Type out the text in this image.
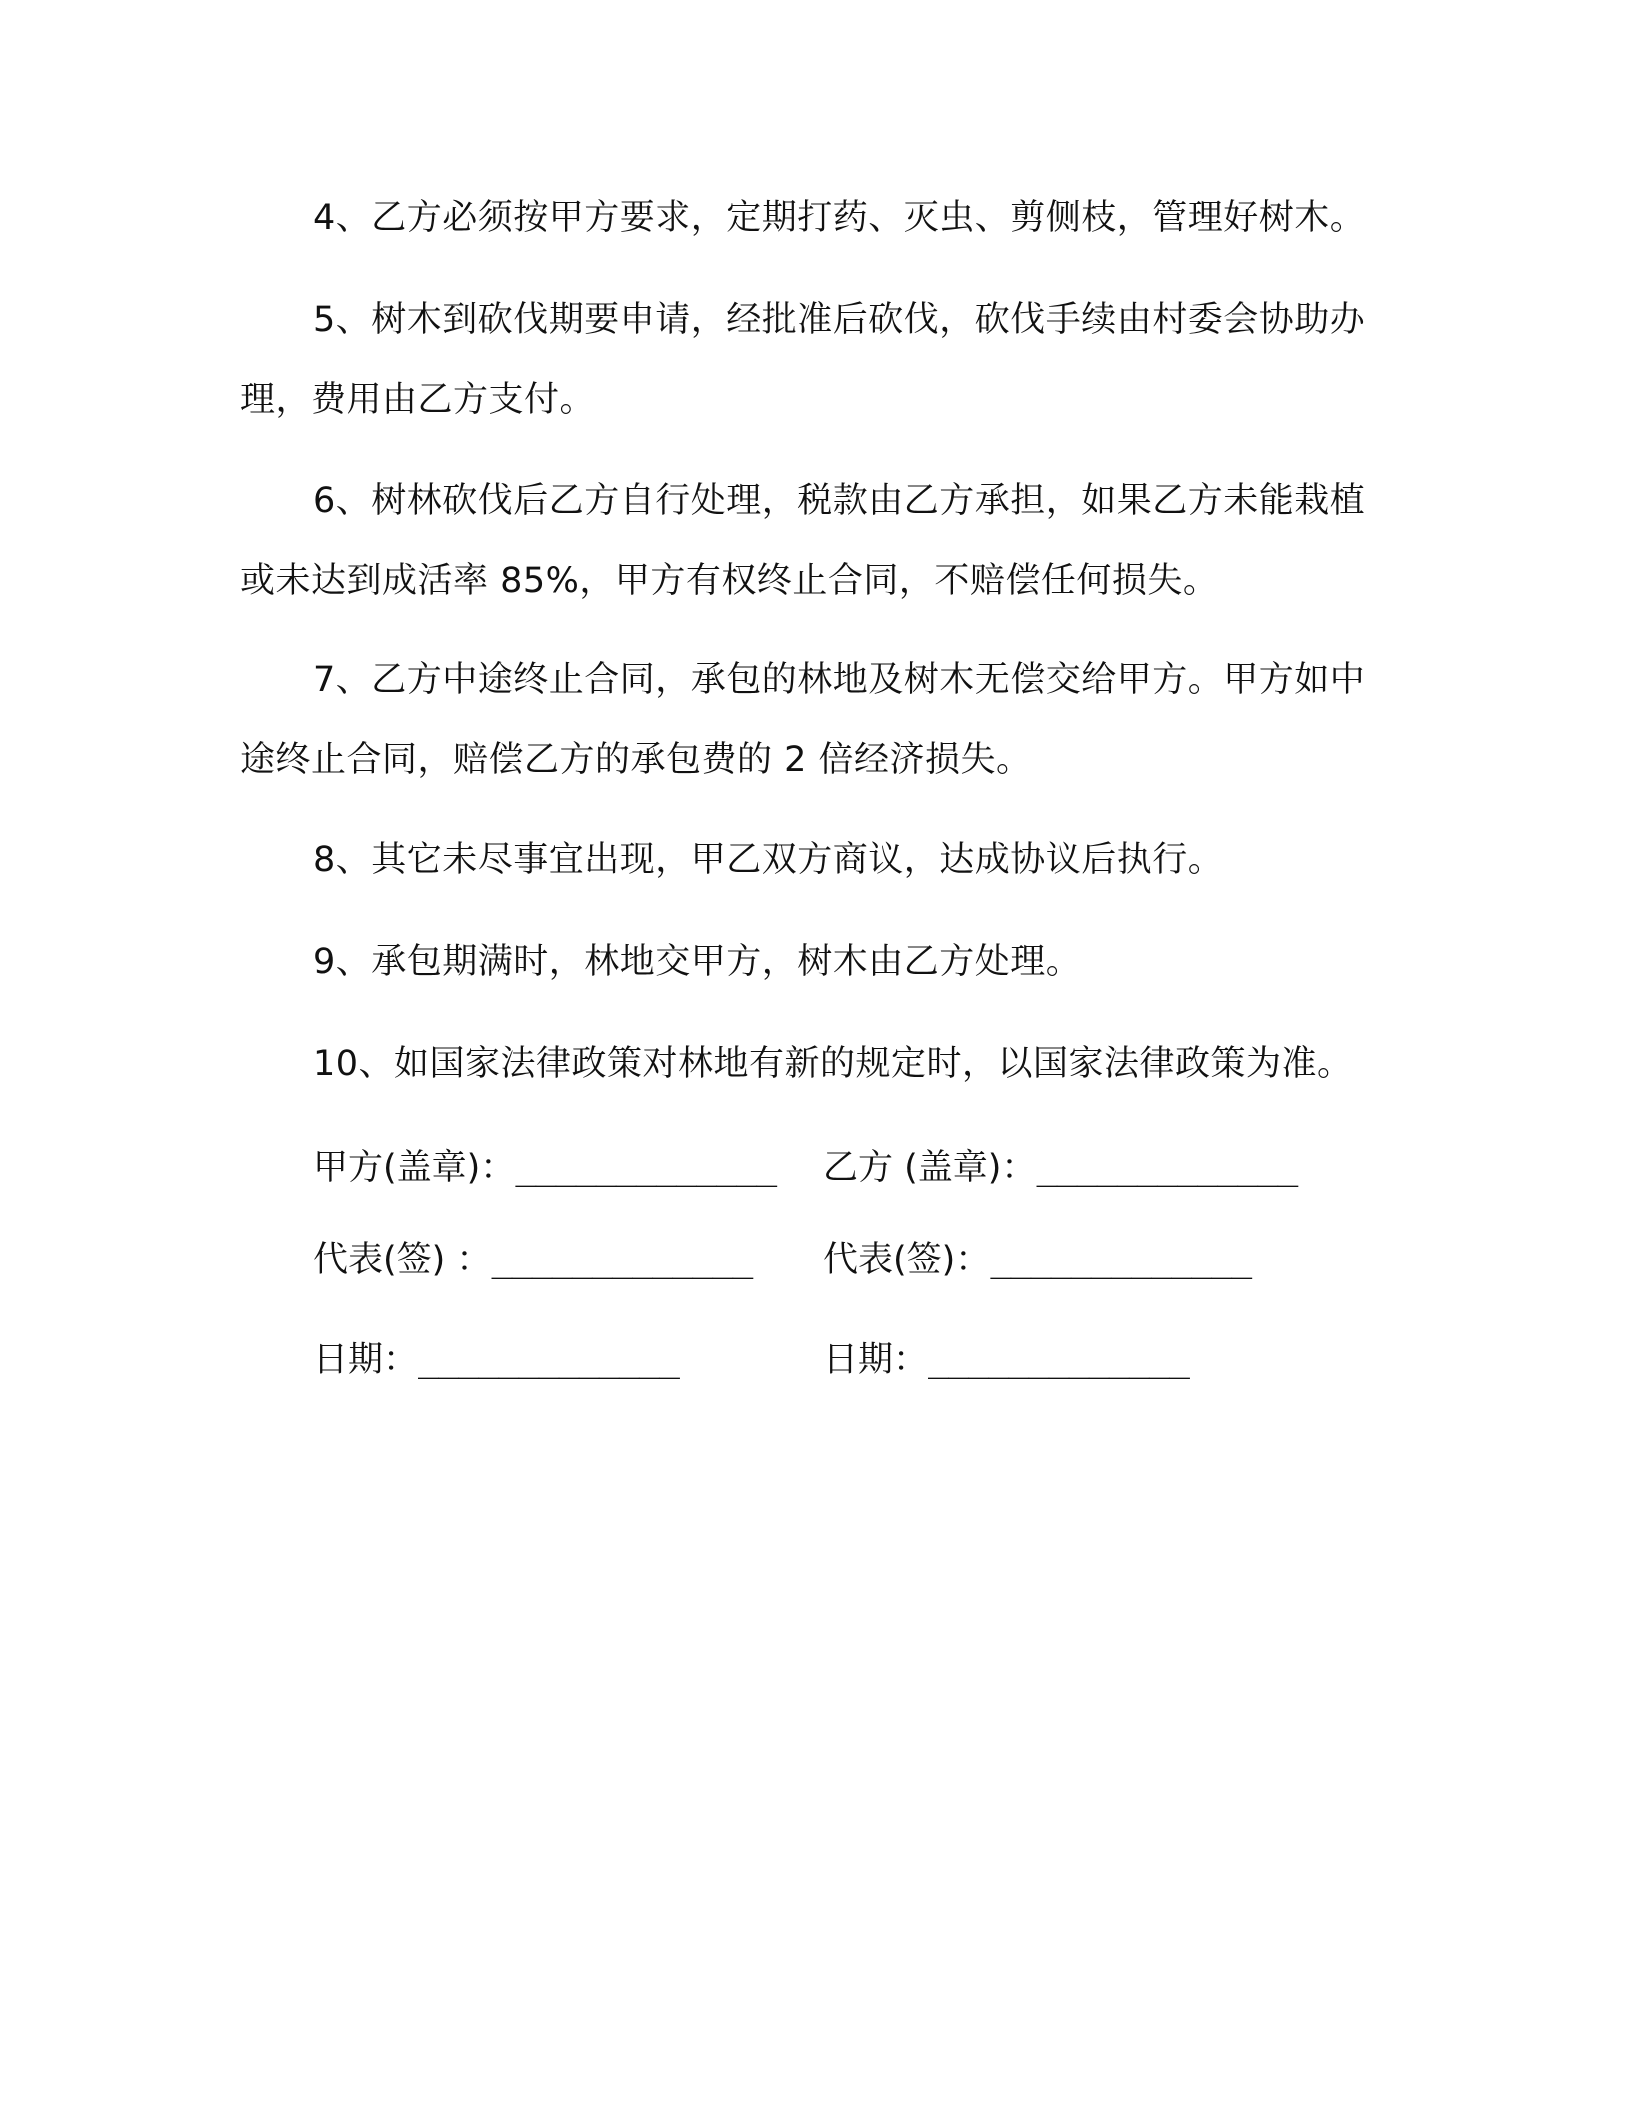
4、乙方必须按甲方要求，定期打药、灭虫、剪侧枝，管理好树木。

5、树木到砍伐期要申请，经批准后砍伐，砍伐手续由村委会协助办理，费用由乙方支付。

6、树林砍伐后乙方自行处理，税款由乙方承担，如果乙方未能栽植或未达到成活率 85%，甲方有权终止合同，不赔偿任何损失。

7、乙方中途终止合同，承包的林地及树木无偿交给甲方。甲方如中途终止合同，赔偿乙方的承包费的 2 倍经济损失。

8、其它未尽事宜出现，甲乙双方商议，达成协议后执行。

9、承包期满时，林地交甲方，树木由乙方处理。

10、如国家法律政策对林地有新的规定时，以国家法律政策为准。

甲方(盖章)：_____________ 乙方 (盖章)：_____________
代表(签) ：_____________ 代表(签)：_____________
日期：_____________	日期：_____________
